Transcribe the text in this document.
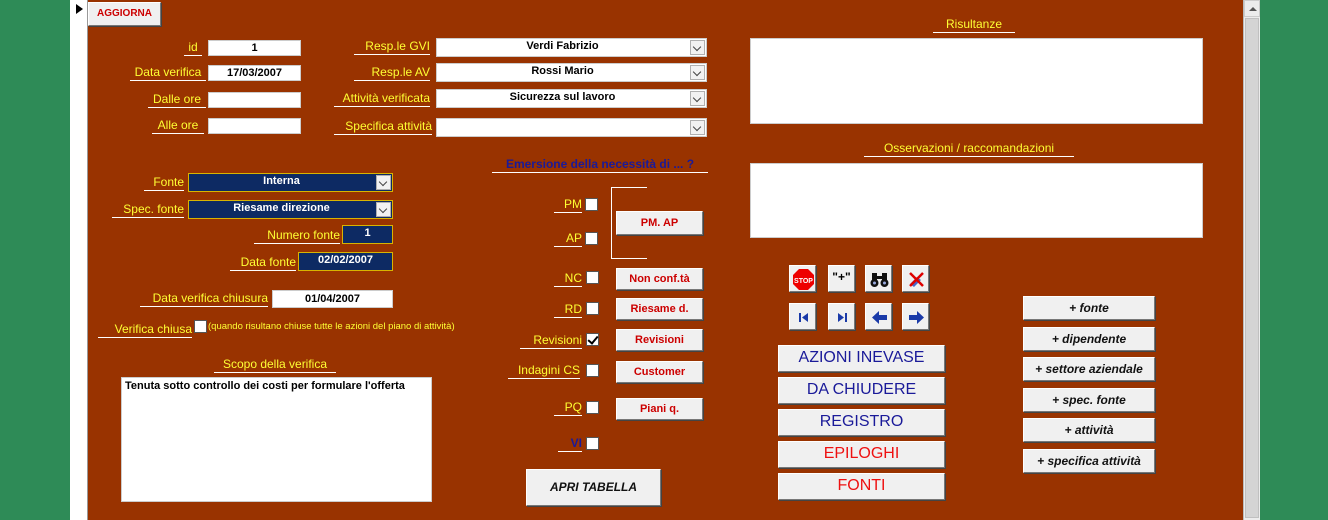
AGGIORNA
id	1
Data verifica	17/03/2007
Dalle ore
Alle ore
Resp.le GVI	Verdi Fabrizio
Resp.le AV	Rossi Mario
Attività verificata	Sicurezza sul lavoro
Specifica attività
Fonte	Interna
Spec. fonte	Riesame direzione
Numero fonte	1
Data fonte	02/02/2007
Data verifica chiusura	01/04/2007
Verifica chiusa (quando risultano chiuse tutte le azioni del piano di attività)
Scopo della verifica
Tenuta sotto controllo dei costi per formulare l'offerta
Emersione della necessità di ... ?
PM. AP
PM
AP
NC	Non conf.tà
RD	Riesame d.
Revisioni	Revisioni
Indagini CS	Customer
PQ	Piani q.
VI
APRI TABELLA
Risultanze
Osservazioni / raccomandazioni
STOP "+"
AZIONI INEVASE
DA CHIUDERE
REGISTRO
EPILOGHI
FONTI
+ fonte
+ dipendente
+ settore aziendale
+ spec. fonte
+ attività
+ specifica attività
